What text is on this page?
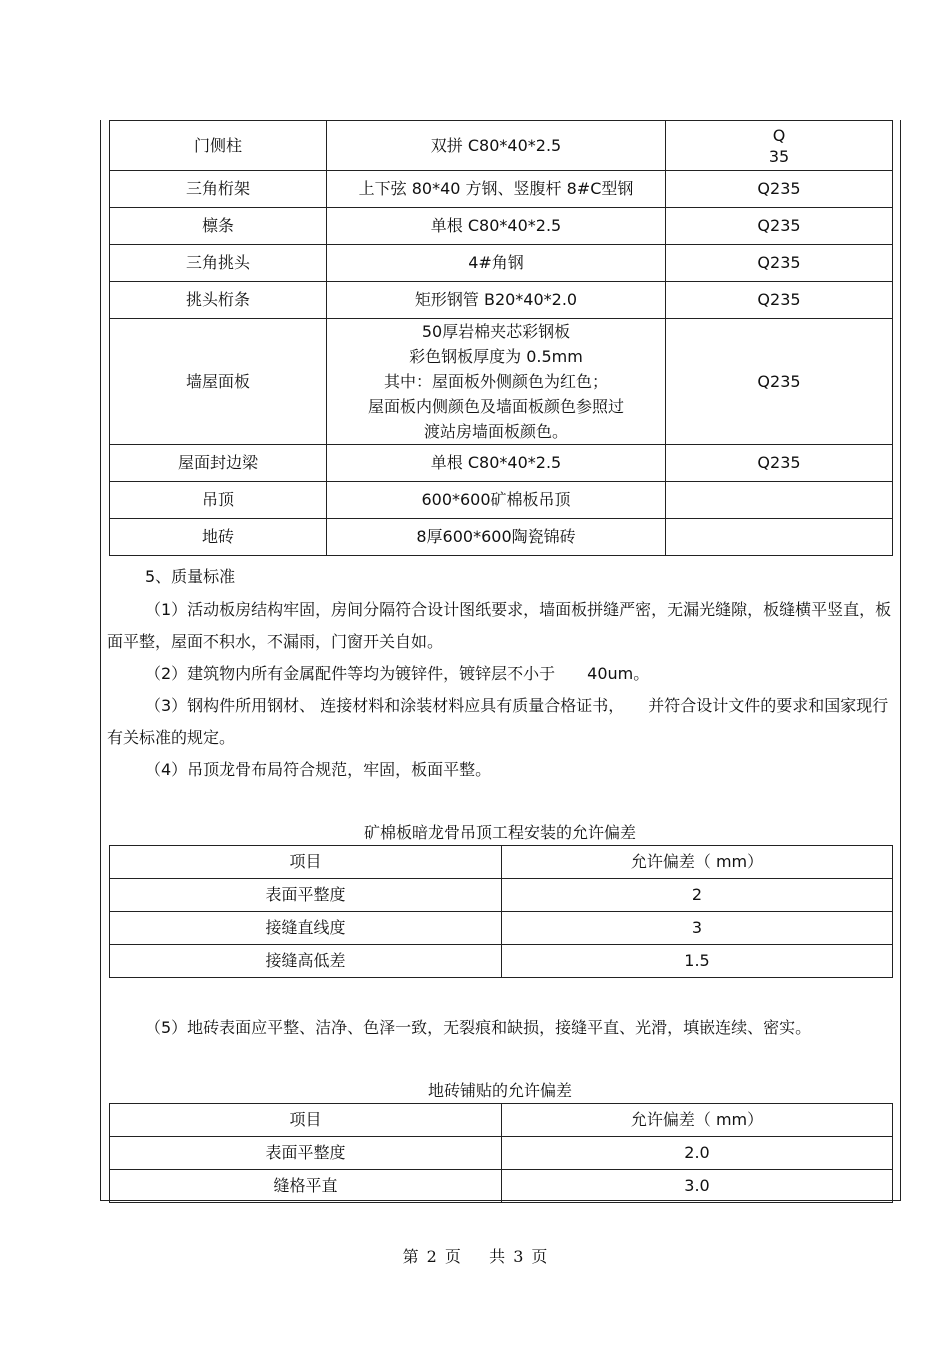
门侧柱	双拼 C80*40*2.5	Q
35

三角桁架	上下弦 80*40 方钢、竖腹杆 8#C型钢	Q235
檩条	单根 C80*40*2.5	Q235
三角挑头	4#角钢	Q235
挑头桁条	矩形钢管 B20*40*2.0	Q235
墙屋面板	50厚岩棉夹芯彩钢板
彩色钢板厚度为 0.5mm
其中：屋面板外侧颜色为红色；
屋面板内侧颜色及墙面板颜色参照过
渡站房墙面板颜色。	Q235
屋面封边梁	单根 C80*40*2.5	Q235
吊顶	600*600矿棉板吊顶	
地砖	8厚600*600陶瓷锦砖	
5、质量标准
（1）活动板房结构牢固，房间分隔符合设计图纸要求，墙面板拼缝严密，无漏光缝隙，板缝横平竖直，板面平整，屋面不积水，不漏雨，门窗开关自如。
（2）建筑物内所有金属配件等均为镀锌件，镀锌层不小于　　40um。
（3）钢构件所用钢材、 连接材料和涂装材料应具有质量合格证书，　　并符合设计文件的要求和国家现行有关标准的规定。
（4）吊顶龙骨布局符合规范，牢固，板面平整。
矿棉板暗龙骨吊顶工程安装的允许偏差
项目	允许偏差（ mm）
表面平整度	2
接缝直线度	3
接缝高低差	1.5
（5）地砖表面应平整、洁净、色泽一致，无裂痕和缺损，接缝平直、光滑，填嵌连续、密实。
地砖铺贴的允许偏差
项目	允许偏差（ mm）
表面平整度	2.0
缝格平直	3.0
第 2 页 共 3 页
